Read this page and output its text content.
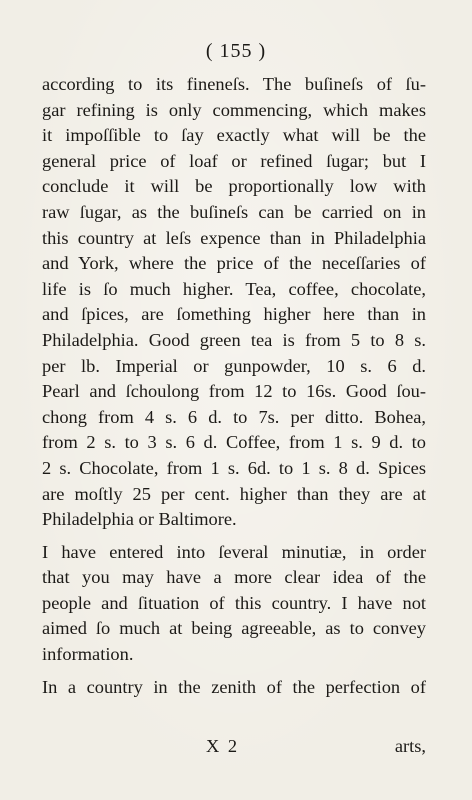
( 155 )
according to its fineneſs. The buſineſs of ſu-
gar refining is only commencing, which makes
it impoſſible to ſay exactly what will be the
general price of loaf or refined ſugar; but I
conclude it will be proportionally low with
raw ſugar, as the buſineſs can be carried on in
this country at leſs expence than in Philadelphia
and York, where the price of the neceſſaries of
life is ſo much higher. Tea, coffee, chocolate,
and ſpices, are ſomething higher here than in
Philadelphia. Good green tea is from 5 to 8 s.
per lb. Imperial or gunpowder, 10 s. 6 d.
Pearl and ſchoulong from 12 to 16s. Good ſou-
chong from 4 s. 6 d. to 7s. per ditto. Bohea,
from 2 s. to 3 s. 6 d. Coffee, from 1 s. 9 d. to
2 s. Chocolate, from 1 s. 6d. to 1 s. 8 d. Spices
are moſtly 25 per cent. higher than they are at
Philadelphia or Baltimore.
I have entered into ſeveral minutiæ, in order
that you may have a more clear idea of the
people and ſituation of this country. I have not
aimed ſo much at being agreeable, as to convey
information.
In a country in the zenith of the perfection of
X 2	arts,
